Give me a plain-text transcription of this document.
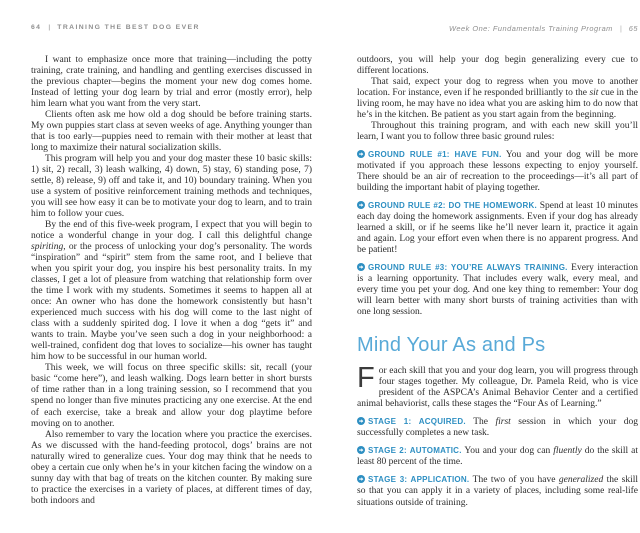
64 | TRAINING THE BEST DOG EVER

I want to emphasize once more that training—including the potty training, crate training, and handling and gentling exercises discussed in the previous chapter—begins the moment your new dog comes home. Instead of letting your dog learn by trial and error (mostly error), help him learn what you want from the very start.

Clients often ask me how old a dog should be before training starts. My own puppies start class at seven weeks of age. Anything younger than that is too early—puppies need to remain with their mother at least that long to maximize their natural socialization skills.

This program will help you and your dog master these 10 basic skills: 1) sit, 2) recall, 3) leash walking, 4) down, 5) stay, 6) standing pose, 7) settle, 8) release, 9) off and take it, and 10) boundary training. When you use a system of positive reinforcement training methods and techniques, you will see how easy it can be to motivate your dog to learn, and to train him to follow your cues.

By the end of this five-week program, I expect that you will begin to notice a wonderful change in your dog. I call this delightful change spiriting, or the process of unlocking your dog’s personality. The words “inspiration” and “spirit” stem from the same root, and I believe that when you spirit your dog, you inspire his best personality traits. In my classes, I get a lot of pleasure from watching that relationship form over the time I work with my students. Sometimes it seems to happen all at once: An owner who has done the homework consistently but hasn’t experienced much success with his dog will come to the last night of class with a suddenly spirited dog. I love it when a dog “gets it” and wants to train. Maybe you’ve seen such a dog in your neighborhood: a well-trained, confident dog that loves to socialize—his owner has taught him how to be successful in our human world.

This week, we will focus on three specific skills: sit, recall (your basic “come here”), and leash walking. Dogs learn better in short bursts of time rather than in a long training session, so I recommend that you spend no longer than five minutes practicing any one exercise. At the end of each exercise, take a break and allow your dog playtime before moving on to another.

Also remember to vary the location where you practice the exercises. As we discussed with the hand-feeding protocol, dogs’ brains are not naturally wired to generalize cues. Your dog may think that he needs to obey a certain cue only when he’s in your kitchen facing the window on a sunny day with that bag of treats on the kitchen counter. By making sure to practice the exercises in a variety of places, at different times of day, both indoors and

Week One: Fundamentals Training Program | 65

outdoors, you will help your dog begin generalizing every cue to different locations.

That said, expect your dog to regress when you move to another location. For instance, even if he responded brilliantly to the sit cue in the living room, he may have no idea what you are asking him to do now that he’s in the kitchen. Be patient as you start again from the beginning.

Throughout this training program, and with each new skill you’ll learn, I want you to follow three basic ground rules:

GROUND RULE #1: HAVE FUN. You and your dog will be more motivated if you approach these lessons expecting to enjoy yourself. There should be an air of recreation to the proceedings—it’s all part of building the important habit of playing together.

GROUND RULE #2: DO THE HOMEWORK. Spend at least 10 minutes each day doing the homework assignments. Even if your dog has already learned a skill, or if he seems like he’ll never learn it, practice it again and again. Log your effort even when there is no apparent progress. And be patient!

GROUND RULE #3: YOU’RE ALWAYS TRAINING. Every interaction is a learning opportunity. That includes every walk, every meal, and every time you pet your dog. And one key thing to remember: Your dog will learn better with many short bursts of training activities than with one long session.

Mind Your As and Ps

For each skill that you and your dog learn, you will progress through four stages together. My colleague, Dr. Pamela Reid, who is vice president of the ASPCA’s Animal Behavior Center and a certified animal behaviorist, calls these stages the “Four As of Learning.”

STAGE 1: ACQUIRED. The first session in which your dog successfully completes a new task.

STAGE 2: AUTOMATIC. You and your dog can fluently do the skill at least 80 percent of the time.

STAGE 3: APPLICATION. The two of you have generalized the skill so that you can apply it in a variety of places, including some real-life situations outside of training.
